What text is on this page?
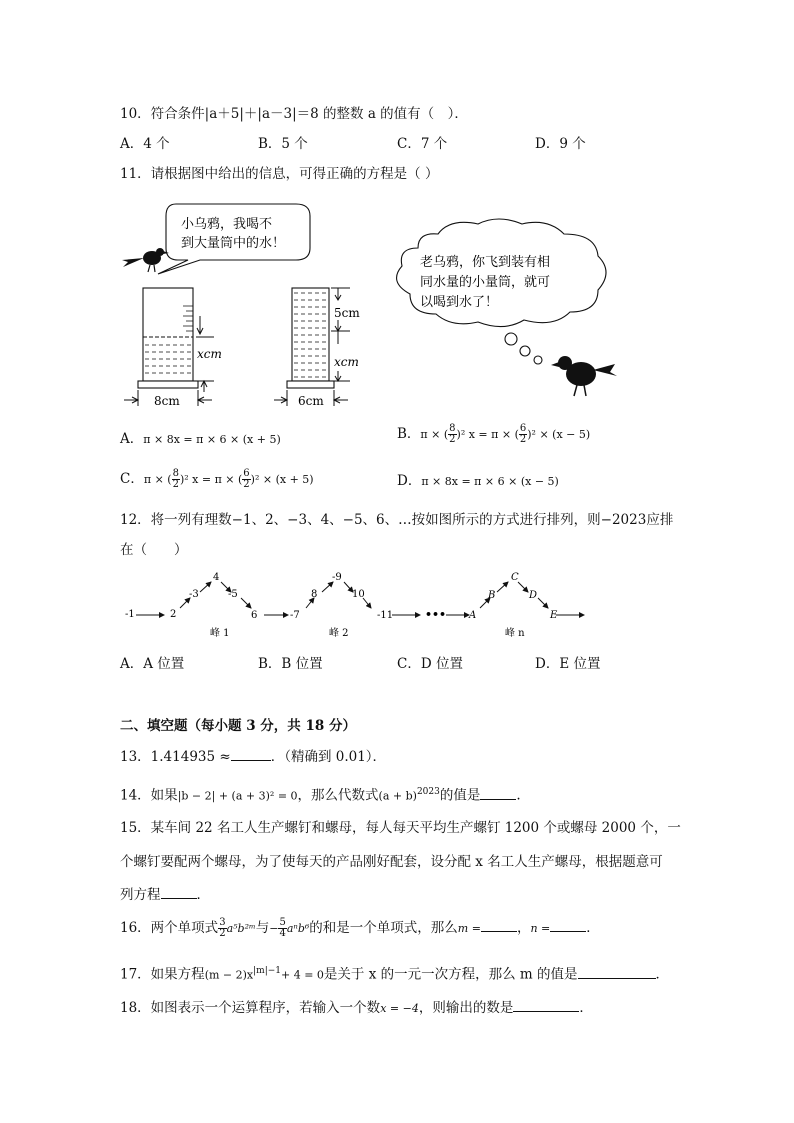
10．符合条件|a＋5|＋|a－3|＝8 的整数 a 的值有（　）．
A．4 个	B．5 个	C．7 个	D．9 个
11．请根据图中给出的信息，可得正确的方程是（ ）
小乌鸦，我喝不
到大量筒中的水！
xcm
8cm
5cm
xcm
6cm
老乌鸦，你飞到装有相
同水量的小量筒，就可
以喝到水了！
A．π × 8x = π × 6 × (x + 5)	B．π × ( $\frac{8}{2} )^2$ x = π × ( $\frac{6}{2} )^2 \times (x - 5)$
C．π × ( $\frac{8}{2} )^2$ x = π × ( $\frac{6}{2} )^2 \times (x + 5)$	D．π × 8x = π × 6 × (x − 5)
12．将一列有理数−1、2、−3、4、−5、6、…按如图所示的方式进行排列，则−2023应排
在（　　）
-1	2
-3
4
-5
6	-7
8
-9
10
-11	••• A
B
C
D
E
峰 1	峰 2	峰 n
A．A 位置	B．B 位置	C．D 位置	D．E 位置
二、填空题（每小题 3 分，共 18 分）
13．1.414935 ≈	．（精确到 0.01）．
14．如果|b − 2| + (a + 3)² = 0，那么代数式$(a + b)^{2023}$的值是	.
15．某车间 22 名工人生产螺钉和螺母，每人每天平均生产螺钉 1200 个或螺母 2000 个，一
个螺钉要配两个螺母，为了使每天的产品刚好配套，设分配 x 名工人生产螺母，根据题意可
列方程	．
16．两个单项式 $\frac{3}{2}$ a⁵b²ᵐ与− $\frac{5}{4} a^nb^6$的和是一个单项式，那么m =	，n =	．
17．如果方程$(m - 2)x^{|m|-1}+ 4 = 0$是关于 x 的一元一次方程，那么 m 的值是	．
18．如图表示一个运算程序，若输入一个数x = −4，则输出的数是	．
